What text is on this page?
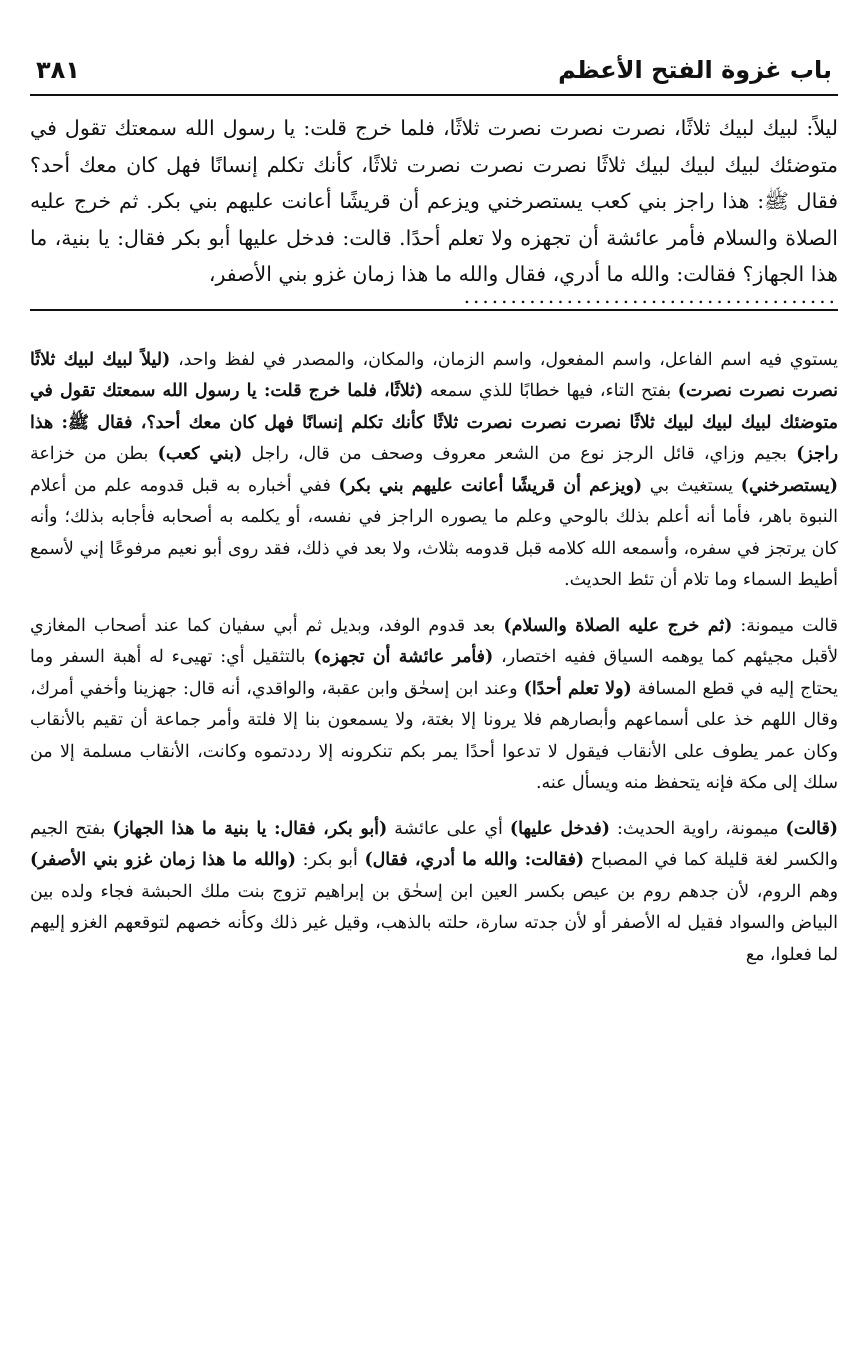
باب غزوة الفتح الأعظم
٣٨١
ليلاً: لبيك لبيك ثلاثًا، نصرت نصرت نصرت ثلاثًا، فلما خرج قلت: يا رسول الله سمعتك تقول في متوضئك لبيك لبيك لبيك ثلاثًا نصرت نصرت نصرت ثلاثًا، كأنك تكلم إنسانًا فهل كان معك أحد؟ فقال ﷺ: هذا راجز بني كعب يستصرخني ويزعم أن قريشًا أعانت عليهم بني بكر. ثم خرج عليه الصلاة والسلام فأمر عائشة أن تجهزه ولا تعلم أحدًا. قالت: فدخل عليها أبو بكر فقال: يا بنية، ما هذا الجهاز؟ فقالت: والله ما أدري، فقال والله ما هذا زمان غزو بني الأصفر،
........................................

يستوي فيه اسم الفاعل، واسم المفعول، واسم الزمان، والمكان، والمصدر في لفظ واحد، (ليلاً لبيك لبيك ثلاثًا نصرت نصرت نصرت) بفتح التاء، فيها خطابًا للذي سمعه (ثلاثًا، فلما خرج قلت: يا رسول الله سمعتك تقول في متوضئك لبيك لبيك لبيك ثلاثًا نصرت نصرت نصرت ثلاثًا كأنك تكلم إنسانًا فهل كان معك أحد؟، فقال ﷺ: هذا راجز) بجيم وزاي، قائل الرجز نوع من الشعر معروف وصحف من قال، راجل (بني كعب) بطن من خزاعة (يستصرخني) يستغيث بي (ويزعم أن قريشًا أعانت عليهم بني بكر) ففي أخباره به قبل قدومه علم من أعلام النبوة باهر، فأما أنه أعلم بذلك بالوحي وعلم ما يصوره الراجز في نفسه، أو يكلمه به أصحابه فأجابه بذلك؛ وأنه كان يرتجز في سفره، وأسمعه الله كلامه قبل قدومه بثلاث، ولا بعد في ذلك، فقد روى أبو نعيم مرفوعًا إني لأسمع أطيط السماء وما تلام أن تئط الحديث.

قالت ميمونة: (ثم خرج عليه الصلاة والسلام) بعد قدوم الوفد، وبديل ثم أبي سفيان كما عند أصحاب المغازي لأقبل مجيئهم كما يوهمه السياق ففيه اختصار، (فأمر عائشة أن تجهزه) بالتثقيل أي: تهيىء له أهبة السفر وما يحتاج إليه في قطع المسافة (ولا تعلم أحدًا) وعند ابن إسحٰق وابن عقبة، والواقدي، أنه قال: جهزينا وأخفي أمرك، وقال اللهم خذ على أسماعهم وأبصارهم فلا يرونا إلا بغتة، ولا يسمعون بنا إلا فلتة وأمر جماعة أن تقيم بالأنقاب وكان عمر يطوف على الأنقاب فيقول لا تدعوا أحدًا يمر بكم تنكرونه إلا رددتموه وكانت، الأنقاب مسلمة إلا من سلك إلى مكة فإنه يتحفظ منه ويسأل عنه.

(قالت) ميمونة، راوية الحديث: (فدخل عليها) أي على عائشة (أبو بكر، فقال: يا بنية ما هذا الجهاز) بفتح الجيم والكسر لغة قليلة كما في المصباح (فقالت: والله ما أدري، فقال) أبو بكر: (والله ما هذا زمان غزو بني الأصفر) وهم الروم، لأن جدهم روم بن عيص بكسر العين ابن إسحٰق بن إبراهيم تزوج بنت ملك الحبشة فجاء ولده بين البياض والسواد فقيل له الأصفر أو لأن جدته سارة، حلته بالذهب، وقيل غير ذلك وكأنه خصهم لتوقعهم الغزو إليهم لما فعلوا، مع
